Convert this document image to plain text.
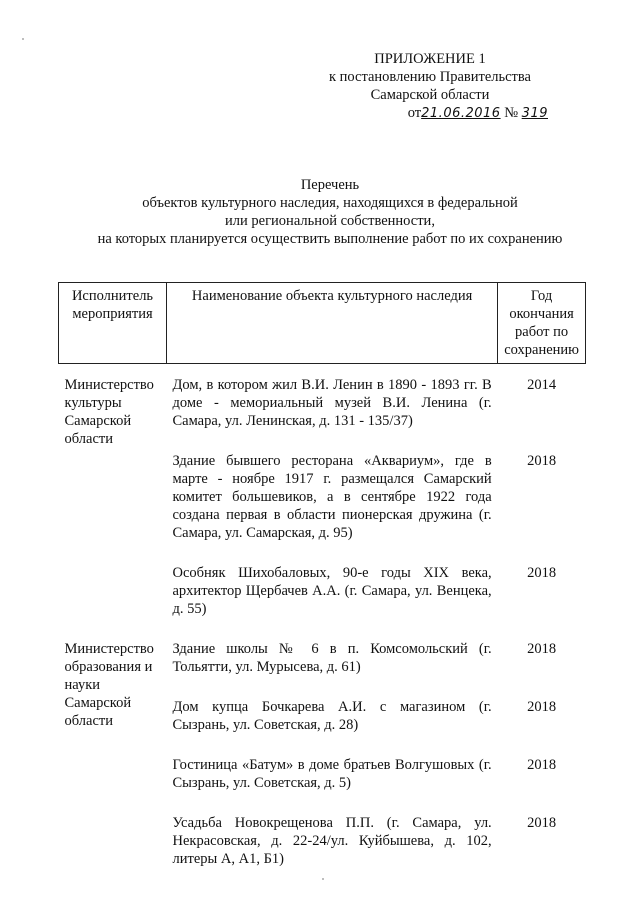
ПРИЛОЖЕНИЕ 1
к постановлению Правительства
Самарской области
от21.06.2016 № 319
Перечень
объектов культурного наследия, находящихся в федеральной
или региональной собственности,
на которых планируется осуществить выполнение работ по их сохранению
Исполнитель мероприятия	Наименование объекта культурного наследия	Год окончания работ по сохранению
Министерство культуры Самарской области	Дом, в котором жил В.И. Ленин в 1890 - 1893 гг. В доме - мемориальный музей В.И. Ленина (г. Самара, ул. Ленинская, д. 131 - 135/37)	2014
	Здание бывшего ресторана «Аквариум», где в марте - ноябре 1917 г. размещался Самарский комитет большевиков, а в сентябре 1922 года создана первая в области пионерская дружина (г. Самара, ул. Самарская, д. 95)	2018
	Особняк Шихобаловых, 90-е годы XIX века, архитектор Щербачев А.А. (г. Самара, ул. Венцека, д. 55)	2018
Министерство образования и науки Самарской области	Здание школы № 6 в п. Комсомольский (г. Тольятти, ул. Мурысева, д. 61)	2018
	Дом купца Бочкарева А.И. с магазином (г. Сызрань, ул. Советская, д. 28)	2018
	Гостиница «Батум» в доме братьев Волгушовых (г. Сызрань, ул. Советская, д. 5)	2018
	Усадьба Новокрещенова П.П. (г. Самара, ул. Некрасовская, д. 22-24/ул. Куйбышева, д. 102, литеры А, А1, Б1)	2018
